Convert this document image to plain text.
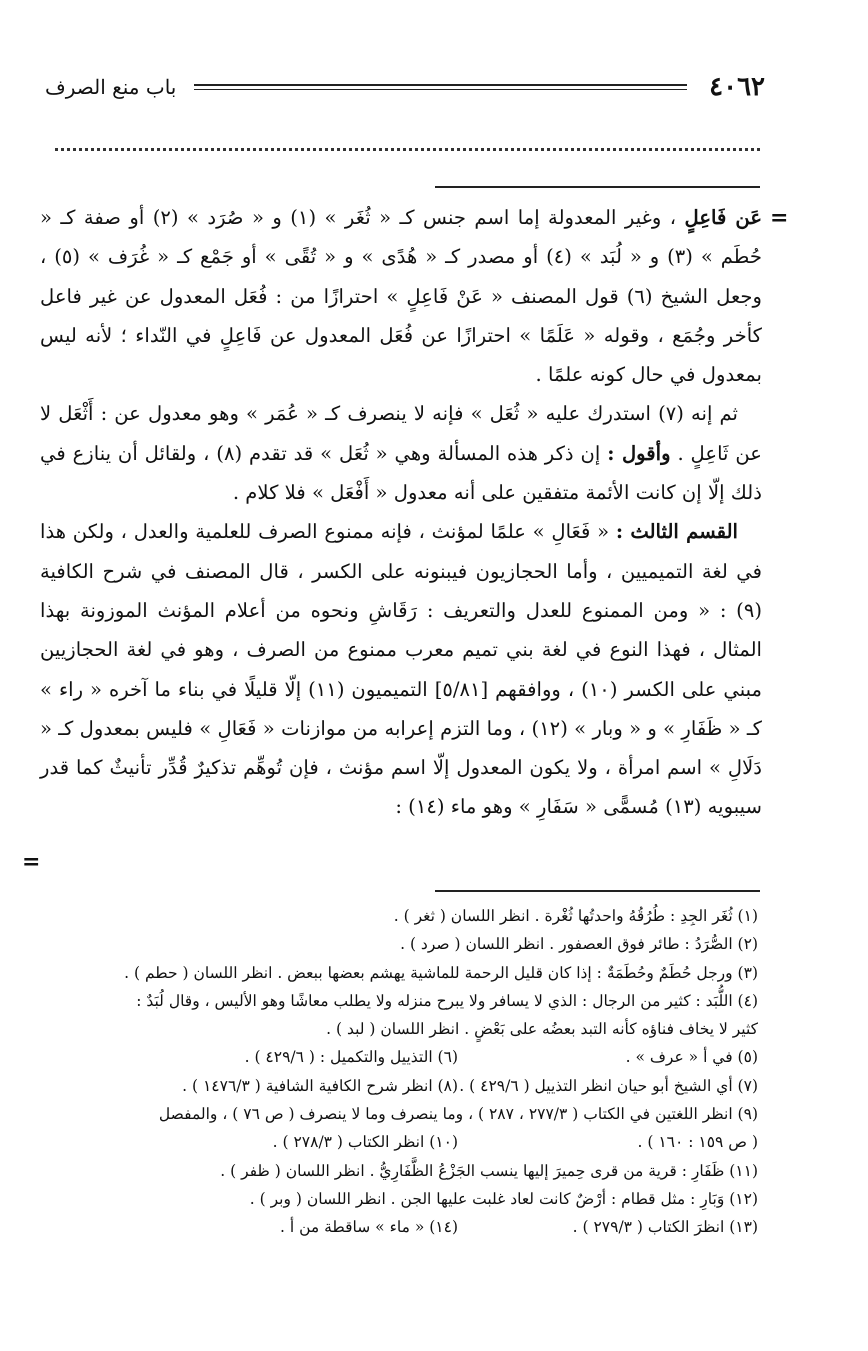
٤٠٦٢
باب منع الصرف
=

عَن فَاعِلٍ ، وغير المعدولة إما اسم جنس كـ « ثُغَر » (١) و « صُرَد » (٢) أو صفة كـ « حُطَم » (٣) و « لُبَد » (٤) أو مصدر كـ « هُدًى » و « تُقًى » أو جَمْع كـ « غُرَف » (٥) ، وجعل الشيخ (٦) قول المصنف « عَنْ فَاعِلٍ » احترازًا من : فُعَل المعدول عن غير فاعل كأخر وجُمَع ، وقوله « عَلَمًا » احترازًا عن فُعَل المعدول عن فَاعِلٍ في النّداء ؛ لأنه ليس بمعدول في حال كونه علمًا .

ثم إنه (٧) استدرك عليه « ثُعَل » فإنه لا ينصرف كـ « عُمَر » وهو معدول عن : أَثْعَل لا عن ثَاعِلٍ . وأقول : إن ذكر هذه المسألة وهي « ثُعَل » قد تقدم (٨) ، ولقائل أن ينازع في ذلك إلّا إن كانت الأئمة متفقين على أنه معدول « أَفْعَل » فلا كلام .

القسم الثالث : « فَعَالِ » علمًا لمؤنث ، فإنه ممنوع الصرف للعلمية والعدل ، ولكن هذا في لغة التميميين ، وأما الحجازيون فيبنونه على الكسر ، قال المصنف في شرح الكافية (٩) : « ومن الممنوع للعدل والتعريف : رَقَاشِ ونحوه من أعلام المؤنث الموزونة بهذا المثال ، فهذا النوع في لغة بني تميم معرب ممنوع من الصرف ، وهو في لغة الحجازيين مبني على الكسر (١٠) ، ووافقهم [٥/٨١] التميميون (١١) إلّا قليلًا في بناء ما آخره « راء » كـ « ظَفَارِ » و « وبار » (١٢) ، وما التزم إعرابه من موازنات « فَعَالِ » فليس بمعدول كـ « دَلَالِ » اسم امرأة ، ولا يكون المعدول إلّا اسم مؤنث ، فإن تُوهِّم تذكيرٌ قُدِّر تأنيثٌ كما قدر سيبويه (١٣) مُسمًّى « سَفَارِ » وهو ماء (١٤) :

=
(١) ثُغَر الجِدِ : طُرُقُهُ واحدتُها ثُغْرة . انظر اللسان ( ثغر ) .
(٢) الصُّرَدُ : طائر فوق العصفور . انظر اللسان ( صرد ) .
(٣) ورجل حُطَمٌ وحُطَمَةٌ : إذا كان قليل الرحمة للماشية يهشم بعضها ببعض . انظر اللسان ( حطم ) .
(٤) اللُّبَد : كثير من الرجال : الذي لا يسافر ولا يبرح منزله ولا يطلب معاشًا وهو الأليس ، وقال لُبَدٌ :
كثير لا يخاف فناؤه كأنه التبد بعضُه على بَعْضٍ . انظر اللسان ( لبد ) .
(٥) في أ « عرف » .
(٦) التذييل والتكميل : ( ٤٢٩/٦ ) .
(٧) أي الشيخ أبو حيان انظر التذييل ( ٤٢٩/٦ ) .
(٨) انظر شرح الكافية الشافية ( ١٤٧٦/٣ ) .
(٩) انظر اللغتين في الكتاب ( ٢٧٧/٣ ، ٢٨٧ ) ، وما ينصرف وما لا ينصرف ( ص ٧٦ ) ، والمفصل
( ص ١٥٩ : ١٦٠ ) .
(١٠) انظر الكتاب ( ٢٧٨/٣ ) .
(١١) ظَفَارِ : قرية من قرى حِميرَ إليها ينسب الجَزْعُ الظَّفَارِيُّ . انظر اللسان ( ظفر ) .
(١٢) وَبَارِ : مثل قطام : أرْضٌ كانت لعاد غلبت عليها الجن . انظر اللسان ( وبر ) .
(١٣) انظرَ الكتاب ( ٢٧٩/٣ ) .
(١٤) « ماء » ساقطة من أ .
